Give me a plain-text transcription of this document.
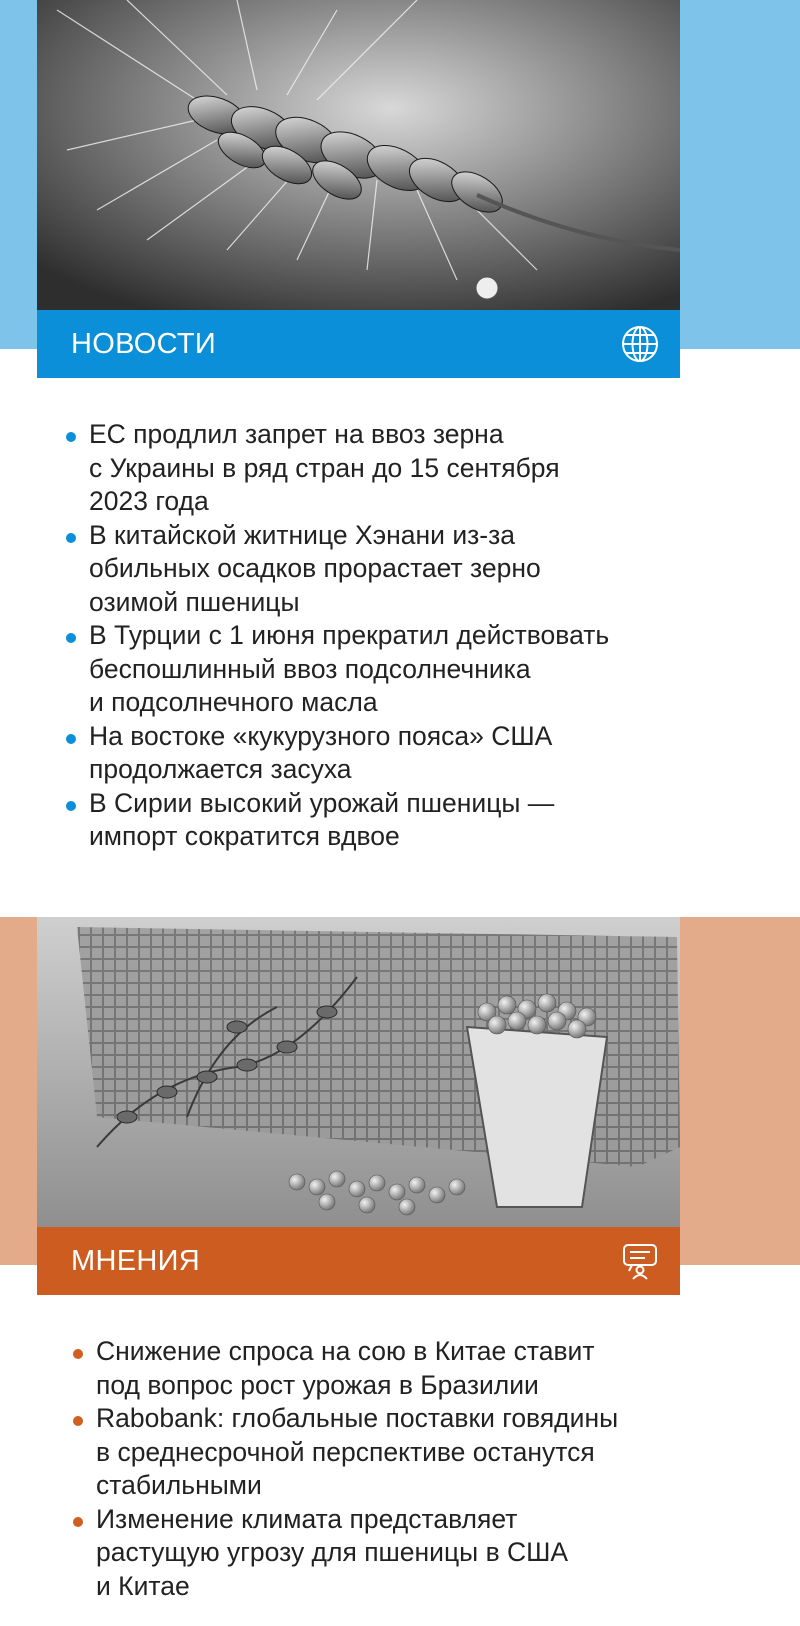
НОВОСТИ
ЕС продлил запрет на ввоз зерна
с Украины в ряд стран до 15 сентября
2023 года
В китайской житнице Хэнани из-за
обильных осадков прорастает зерно
озимой пшеницы
В Турции с 1 июня прекратил действовать
беспошлинный ввоз подсолнечника
и подсолнечного масла
На востоке «кукурузного пояса» США
продолжается засуха
В Сирии высокий урожай пшеницы —
импорт сократится вдвое
МНЕНИЯ
Снижение спроса на сою в Китае ставит
под вопрос рост урожая в Бразилии
Rabobank: глобальные поставки говядины
в среднесрочной перспективе останутся
стабильными
Изменение климата представляет
растущую угрозу для пшеницы в США
и Китае
